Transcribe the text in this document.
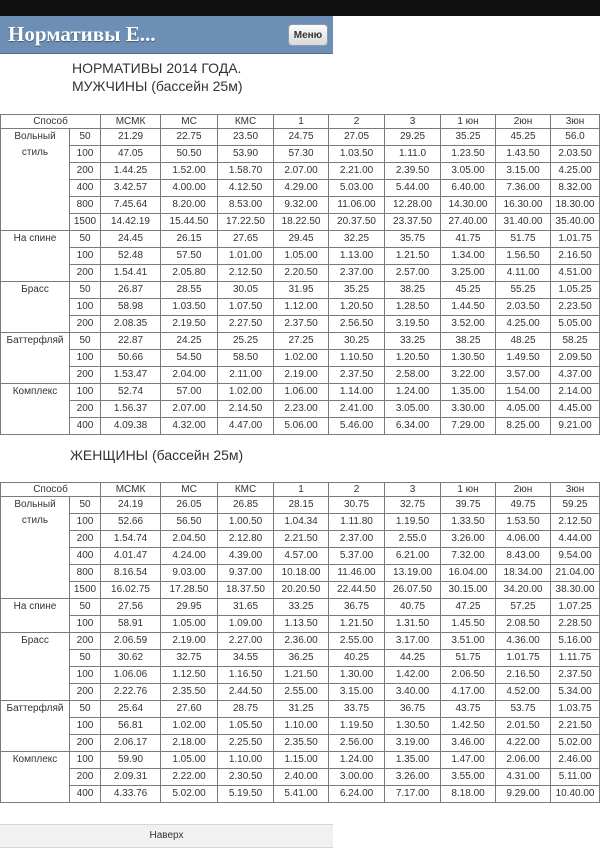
Нормативы Е...	Меню
НОРМАТИВЫ 2014 ГОДА.
МУЖЧИНЫ (бассейн 25м)
Способ		МСМК	МС	КМС	1	2	3	1 юн	2юн	3юн
Вольный стиль	50	21.29	22.75	23.50	24.75	27.05	29.25	35.25	45.25	56.0
	100	47.05	50.50	53.90	57.30	1.03.50	1.11.0	1.23.50	1.43.50	2.03.50
	200	1.44.25	1.52.00	1.58.70	2.07.00	2.21.00	2.39.50	3.05.00	3.15.00	4.25.00
	400	3.42.57	4.00.00	4.12.50	4.29.00	5.03.00	5.44.00	6.40.00	7.36.00	8.32.00
	800	7.45.64	8.20.00	8.53.00	9.32.00	11.06.00	12.28.00	14.30.00	16.30.00	18.30.00
	1500	14.42.19	15.44.50	17.22.50	18.22.50	20.37.50	23.37.50	27.40.00	31.40.00	35.40.00
На спине	50	24.45	26.15	27.65	29.45	32.25	35.75	41.75	51.75	1.01.75
	100	52.48	57.50	1.01.00	1.05.00	1.13.00	1.21.50	1.34.00	1.56.50	2.16.50
	200	1.54.41	2.05.80	2.12.50	2.20.50	2.37.00	2.57.00	3.25.00	4.11.00	4.51.00
Брасс	50	26.87	28.55	30.05	31.95	35.25	38.25	45.25	55.25	1.05.25
	100	58.98	1.03.50	1.07.50	1.12.00	1.20.50	1.28.50	1.44.50	2.03.50	2.23.50
	200	2.08.35	2.19.50	2.27.50	2.37.50	2.56.50	3.19.50	3.52.00	4.25.00	5.05.00
Баттерфляй	50	22.87	24.25	25.25	27.25	30.25	33.25	38.25	48.25	58.25
	100	50.66	54.50	58.50	1.02.00	1.10.50	1.20.50	1.30.50	1.49.50	2.09.50
	200	1.53.47	2.04.00	2.11.00	2.19.00	2.37.50	2.58.00	3.22.00	3.57.00	4.37.00
Комплекс	100	52.74	57.00	1.02.00	1.06.00	1.14.00	1.24.00	1.35.00	1.54.00	2.14.00
	200	1.56.37	2.07.00	2.14.50	2.23.00	2.41.00	3.05.00	3.30.00	4.05.00	4.45.00
	400	4.09.38	4.32.00	4.47.00	5.06.00	5.46.00	6.34.00	7.29.00	8.25.00	9.21.00
ЖЕНЩИНЫ (бассейн 25м)
Способ		МСМК	МС	КМС	1	2	3	1 юн	2юн	3юн
Вольный стиль	50	24.19	26.05	26.85	28.15	30.75	32.75	39.75	49.75	59.25
	100	52.66	56.50	1.00.50	1.04.34	1.11.80	1.19.50	1.33.50	1.53.50	2.12.50
	200	1.54.74	2.04.50	2.12.80	2.21.50	2.37.00	2.55.0	3.26.00	4.06.00	4.44.00
	400	4.01.47	4.24.00	4.39.00	4.57.00	5.37.00	6.21.00	7.32.00	8.43.00	9.54.00
	800	8.16.54	9.03.00	9.37.00	10.18.00	11.46.00	13.19.00	16.04.00	18.34.00	21.04.00
	1500	16.02.75	17.28.50	18.37.50	20.20.50	22.44.50	26.07.50	30.15.00	34.20.00	38.30.00
На спине	50	27.56	29.95	31.65	33.25	36.75	40.75	47.25	57.25	1.07.25
	100	58.91	1.05.00	1.09.00	1.13.50	1.21.50	1.31.50	1.45.50	2.08.50	2.28.50
Брасс	200	2.06.59	2.19.00	2.27.00	2.36.00	2.55.00	3.17.00	3.51.00	4.36.00	5.16.00
	50	30.62	32.75	34.55	36.25	40.25	44.25	51.75	1.01.75	1.11.75
	100	1.06.06	1.12.50	1.16.50	1.21.50	1.30.00	1.42.00	2.06.50	2.16.50	2.37.50
	200	2.22.76	2.35.50	2.44.50	2.55.00	3.15.00	3.40.00	4.17.00	4.52.00	5.34.00
Баттерфляй	50	25.64	27.60	28.75	31.25	33.75	36.75	43.75	53.75	1.03.75
	100	56.81	1.02.00	1.05.50	1.10.00	1.19.50	1.30.50	1.42.50	2.01.50	2.21.50
	200	2.06.17	2.18.00	2.25.50	2.35.50	2.56.00	3.19.00	3.46.00	4.22.00	5.02.00
Комплекс	100	59.90	1.05.00	1.10.00	1.15.00	1.24.00	1.35.00	1.47.00	2.06.00	2.46.00
	200	2.09.31	2.22.00	2.30.50	2.40.00	3.00.00	3.26.00	3.55.00	4.31.00	5.11.00
	400	4.33.76	5.02.00	5.19.50	5.41.00	6.24.00	7.17.00	8.18.00	9.29.00	10.40.00
Наверх
